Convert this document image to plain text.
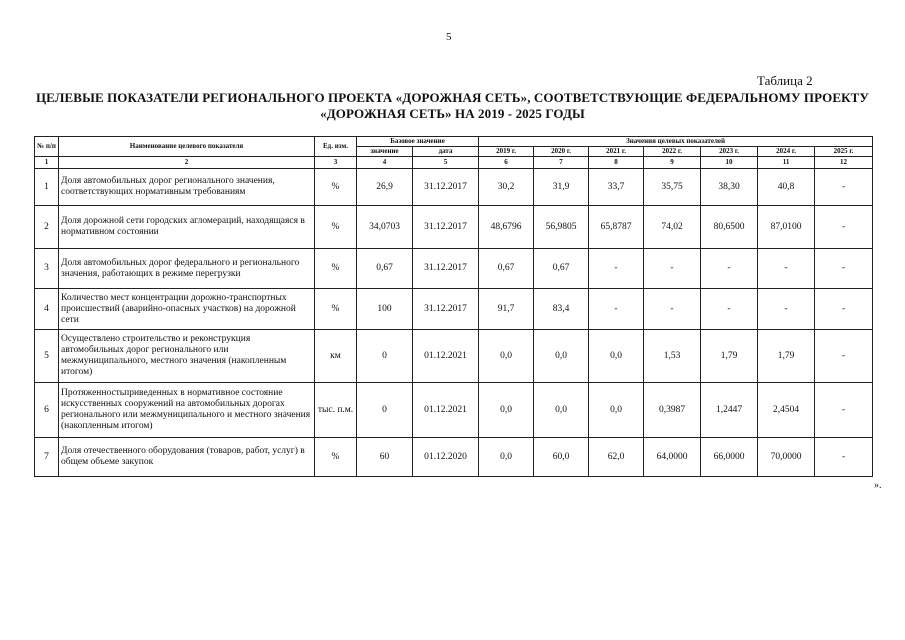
5
Таблица 2
ЦЕЛЕВЫЕ ПОКАЗАТЕЛИ РЕГИОНАЛЬНОГО ПРОЕКТА «ДОРОЖНАЯ СЕТЬ», СООТВЕТСТВУЮЩИЕ ФЕДЕРАЛЬНОМУ ПРОЕКТУ «ДОРОЖНАЯ СЕТЬ» НА 2019 - 2025 ГОДЫ
№ п/п	Наименование целевого показателя	Ед. изм.	Базовое значение		Значения целевых показателей						
			значение	дата	2019 г.	2020 г.	2021 г.	2022 г.	2023 г.	2024 г.	2025 г.
1	2	3	4	5	6	7	8	9	10	11	12
1	Доля автомобильных дорог регионального значения, соответствующих нормативным требованиям	%	26,9	31.12.2017	30,2	31,9	33,7	35,75	38,30	40,8	-
2	Доля дорожной сети городских агломераций, находящаяся в нормативном состоянии	%	34,0703	31.12.2017	48,6796	56,9805	65,8787	74,02	80,6500	87,0100	-
3	Доля автомобильных дорог федерального и регионального значения, работающих в режиме перегрузки	%	0,67	31.12.2017	0,67	0,67	-	-	-	-	-
4	Количество мест концентрации дорожно-транспортных происшествий (аварийно-опасных участков) на дорожной сети	%	100	31.12.2017	91,7	83,4	-	-	-	-	-
5	Осуществлено строительство и реконструкция автомобильных дорог регионального или межмуниципального, местного значения (накопленным итогом)	км	0	01.12.2021	0,0	0,0	0,0	1,53	1,79	1,79	-
6	Протяженностьприведенных в нормативное состояние искусственных сооружений на автомобильных дорогах регионального или межмуниципального и местного значения (накопленным итогом)	тыс. п.м.	0	01.12.2021	0,0	0,0	0,0	0,3987	1,2447	2,4504	-
7	Доля отечественного оборудования (товаров, работ, услуг) в общем объеме закупок	%	60	01.12.2020	0,0	60,0	62,0	64,0000	66,0000	70,0000	-
».
